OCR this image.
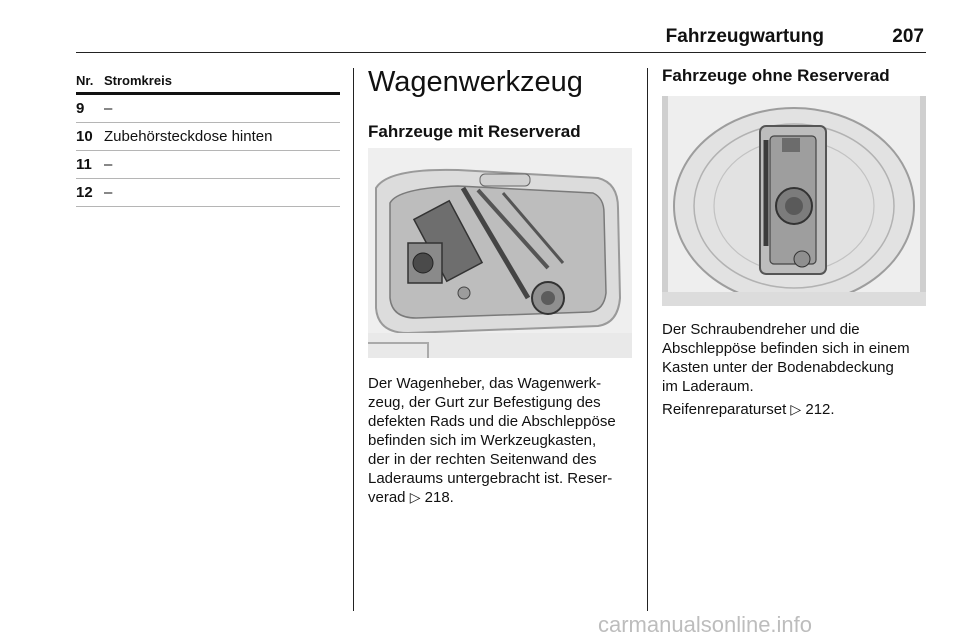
Fahrzeugwartung	207
Nr. Stromkreis
9	–
10 Zubehörsteckdose hinten
11 –
12 –
Wagenwerkzeug
Fahrzeuge mit Reserverad
Der Wagenheber, das Wagenwerk-
zeug, der Gurt zur Befestigung des
defekten Rads und die Abschleppöse
befinden sich im Werkzeugkasten,
der in der rechten Seitenwand des
Laderaums untergebracht ist. Reser-
verad ▷ 218.
Fahrzeuge ohne Reserverad
Der Schraubendreher und die
Abschleppöse befinden sich in einem
Kasten unter der Bodenabdeckung
im Laderaum.
Reifenreparaturset ▷ 212.
carmanualsonline.info
